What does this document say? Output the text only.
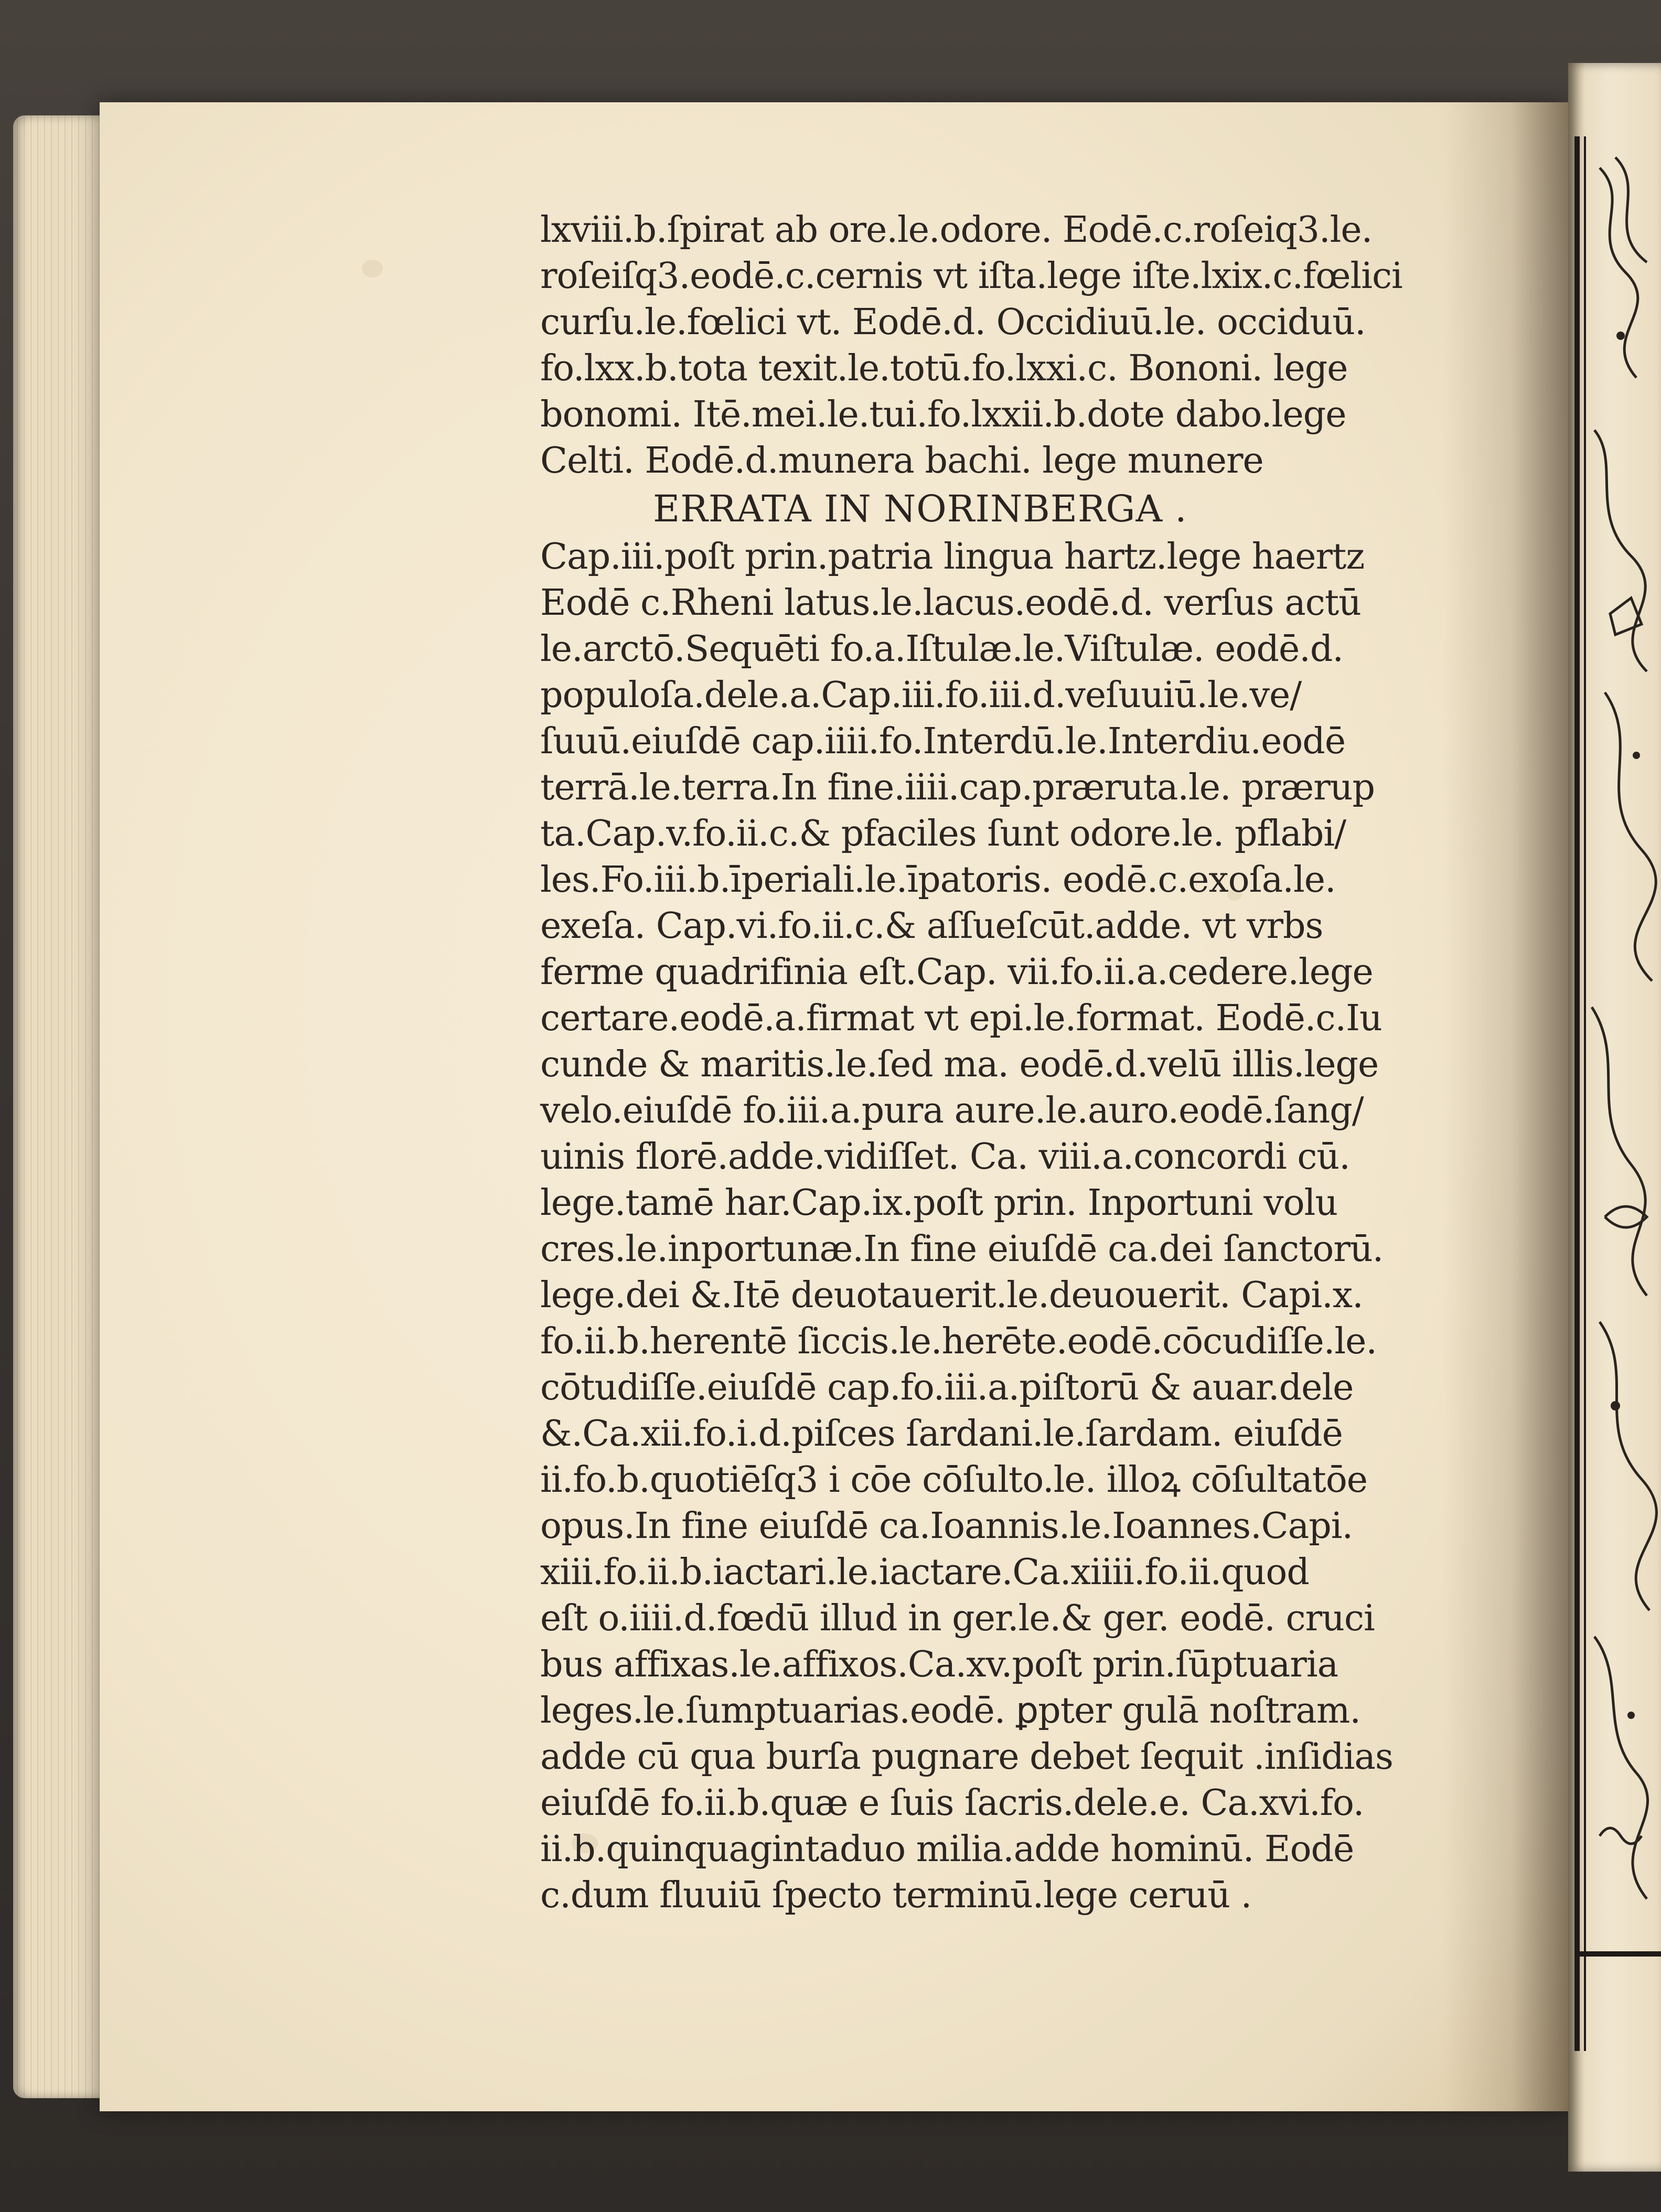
lxviii.b.ſpirat ab ore.le.odore. Eodē.c.roſeiq3.le.
roſeiſq3.eodē.c.cernis vt iſta.lege iſte.lxix.c.fœlici
curſu.le.fœlici vt. Eodē.d. Occidiuū.le. occiduū.
fo.lxx.b.tota texit.le.totū.fo.lxxi.c. Bononi. lege
bonomi. Itē.mei.le.tui.fo.lxxii.b.dote dabo.lege
Celti. Eodē.d.munera bachi. lege munere
ERRATA IN NORINBERGA .
Cap.iii.poſt prin.patria lingua hartz.lege haertz
Eodē c.Rheni latus.le.lacus.eodē.d. verſus actū
le.arctō.Sequēti fo.a.Iſtulæ.le.Viſtulæ. eodē.d.
populoſa.dele.a.Cap.iii.fo.iii.d.veſuuiū.le.ve/
ſuuū.eiuſdē cap.iiii.fo.Interdū.le.Interdiu.eodē
terrā.le.terra.In fine.iiii.cap.præruta.le. prærup
ta.Cap.v.fo.ii.c.& pfaciles ſunt odore.le. pflabi/
les.Fo.iii.b.īperiali.le.īpatoris. eodē.c.exoſa.le.
exeſa. Cap.vi.fo.ii.c.& aſſueſcūt.adde. vt vrbs
ferme quadrifinia eſt.Cap. vii.fo.ii.a.cedere.lege
certare.eodē.a.firmat vt epi.le.format. Eodē.c.Iu
cunde & maritis.le.ſed ma. eodē.d.velū illis.lege
velo.eiuſdē fo.iii.a.pura aure.le.auro.eodē.ſang/
uinis florē.adde.vidiſſet. Ca. viii.a.concordi cū.
lege.tamē har.Cap.ix.poſt prin. Inportuni volu
cres.le.inportunæ.In fine eiuſdē ca.dei ſanctorū.
lege.dei &.Itē deuotauerit.le.deuouerit. Capi.x.
fo.ii.b.herentē ſiccis.le.herēte.eodē.cōcudiſſe.le.
cōtudiſſe.eiuſdē cap.fo.iii.a.piſtorū & auar.dele
&.Ca.xii.fo.i.d.piſces ſardani.le.ſardam. eiuſdē
ii.fo.b.quotiēſq3 i cōe cōſulto.le. illoꝝ cōſultatōe
opus.In fine eiuſdē ca.Ioannis.le.Ioannes.Capi.
xiii.fo.ii.b.iactari.le.iactare.Ca.xiiii.fo.ii.quod
eſt o.iiii.d.fœdū illud in ger.le.& ger. eodē. cruci
bus affixas.le.affixos.Ca.xv.poſt prin.ſūptuaria
leges.le.ſumptuarias.eodē. ꝑpter gulā noſtram.
adde cū qua burſa pugnare debet ſequit .inſidias
eiuſdē fo.ii.b.quæ e ſuis ſacris.dele.e. Ca.xvi.fo.
ii.b.quinquagintaduo milia.adde hominū. Eodē
c.dum fluuiū ſpecto terminū.lege ceruū .
